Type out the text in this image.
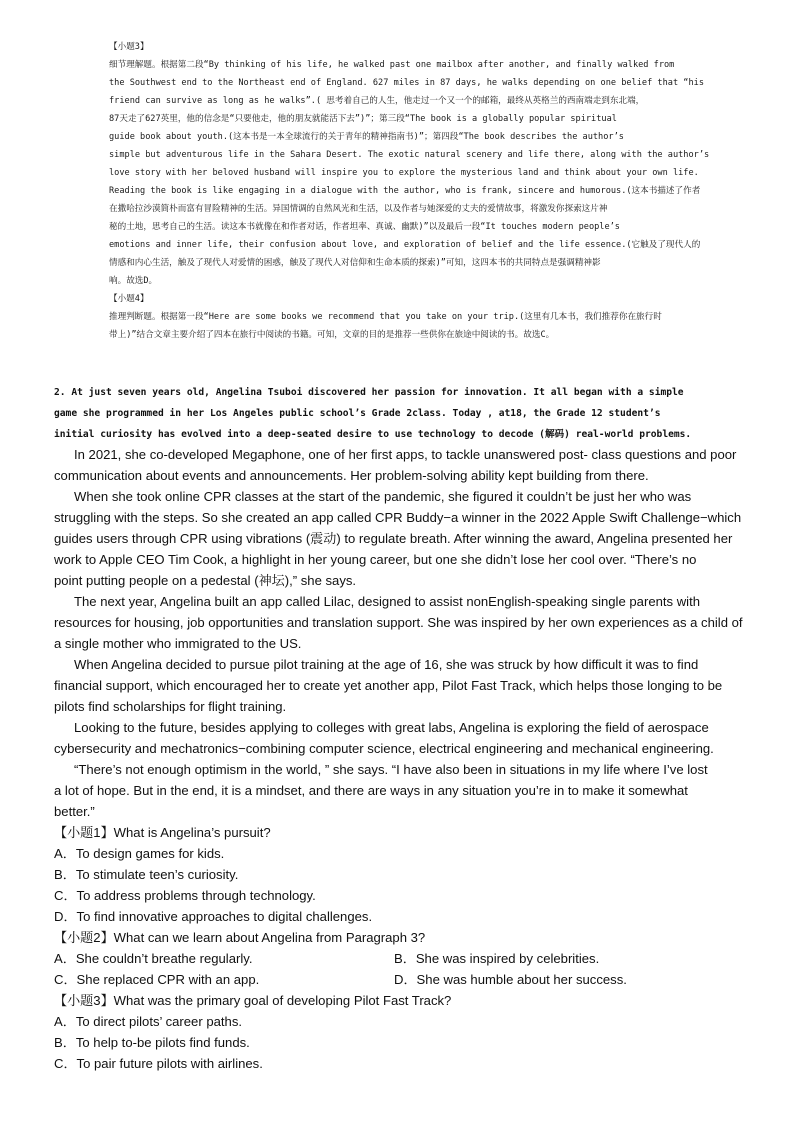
【小题3】
细节理解题。根据第二段“By thinking of his life, he walked past one mailbox after another, and finally walked from
the Southwest end to the Northeast end of England. 627 miles in 87 days, he walks depending on one belief that “his
friend can survive as long as he walks”.( 思考着自己的人生，他走过一个又一个的邮箱，最终从英格兰的西南端走到东北端，
87天走了627英里，他的信念是“只要他走，他的朋友就能活下去”)”；第三段“The book is a globally popular spiritual
guide book about youth.(这本书是一本全球流行的关于青年的精神指南书)”；第四段“The book describes the author’s
simple but adventurous life in the Sahara Desert. The exotic natural scenery and life there, along with the author’s
love story with her beloved husband will inspire you to explore the mysterious land and think about your own life.
Reading the book is like engaging in a dialogue with the author, who is frank, sincere and humorous.(这本书描述了作者
在撒哈拉沙漠简朴而富有冒险精神的生活。异国情调的自然风光和生活，以及作者与她深爱的丈夫的爱情故事，将激发你探索这片神
秘的土地，思考自己的生活。读这本书就像在和作者对话，作者坦率、真诚、幽默)”以及最后一段“It touches modern people’s
emotions and inner life, their confusion about love, and exploration of belief and the life essence.(它触及了现代人的
情感和内心生活，触及了现代人对爱情的困惑，触及了现代人对信仰和生命本质的探索)”可知，这四本书的共同特点是强调精神影
响。故选D。
【小题4】
推理判断题。根据第一段“Here are some books we recommend that you take on your trip.(这里有几本书，我们推荐你在旅行时
带上)”结合文章主要介绍了四本在旅行中阅读的书籍。可知，文章的目的是推荐一些供你在旅途中阅读的书。故选C。
2. At just seven years old, Angelina Tsuboi discovered her passion for innovation. It all began with a simple
game she programmed in her Los Angeles public school’s Grade 2class. Today , at18, the Grade 12 student’s
initial curiosity has evolved into a deep-seated desire to use technology to decode (解码) real-world problems.
In 2021, she co-developed Megaphone, one of her first apps, to tackle unanswered post- class questions and poor
communication about events and announcements. Her problem-solving ability kept building from there.
When she took online CPR classes at the start of the pandemic, she figured it couldn’t be just her who was
struggling with the steps. So she created an app called CPR Buddy−a winner in the 2022 Apple Swift Challenge−which
guides users through CPR using vibrations (震动) to regulate breath. After winning the award, Angelina presented her
work to Apple CEO Tim Cook, a highlight in her young career, but one she didn’t lose her cool over. “There’s no
point putting people on a pedestal (神坛),” she says.
The next year, Angelina built an app called Lilac, designed to assist nonEnglish-speaking single parents with
resources for housing, job opportunities and translation support. She was inspired by her own experiences as a child of
a single mother who immigrated to the US.
When Angelina decided to pursue pilot training at the age of 16, she was struck by how difficult it was to find
financial support, which encouraged her to create yet another app, Pilot Fast Track, which helps those longing to be
pilots find scholarships for flight training.
Looking to the future, besides applying to colleges with great labs, Angelina is exploring the field of aerospace
cybersecurity and mechatronics−combining computer science, electrical engineering and mechanical engineering.
“There’s not enough optimism in the world, ” she says. “I have also been in situations in my life where I’ve lost
a lot of hope. But in the end, it is a mindset, and there are ways in any situation you’re in to make it somewhat
better.”
【小题1】What is Angelina’s pursuit?
A．To design games for kids.
B．To stimulate teen’s curiosity.
C．To address problems through technology.
D．To find innovative approaches to digital challenges.
【小题2】What can we learn about Angelina from Paragraph 3?
A．She couldn’t breathe regularly.	B．She was inspired by celebrities.
C．She replaced CPR with an app.	D．She was humble about her success.
【小题3】What was the primary goal of developing Pilot Fast Track?
A．To direct pilots’ career paths.
B．To help to-be pilots find funds.
C．To pair future pilots with airlines.
